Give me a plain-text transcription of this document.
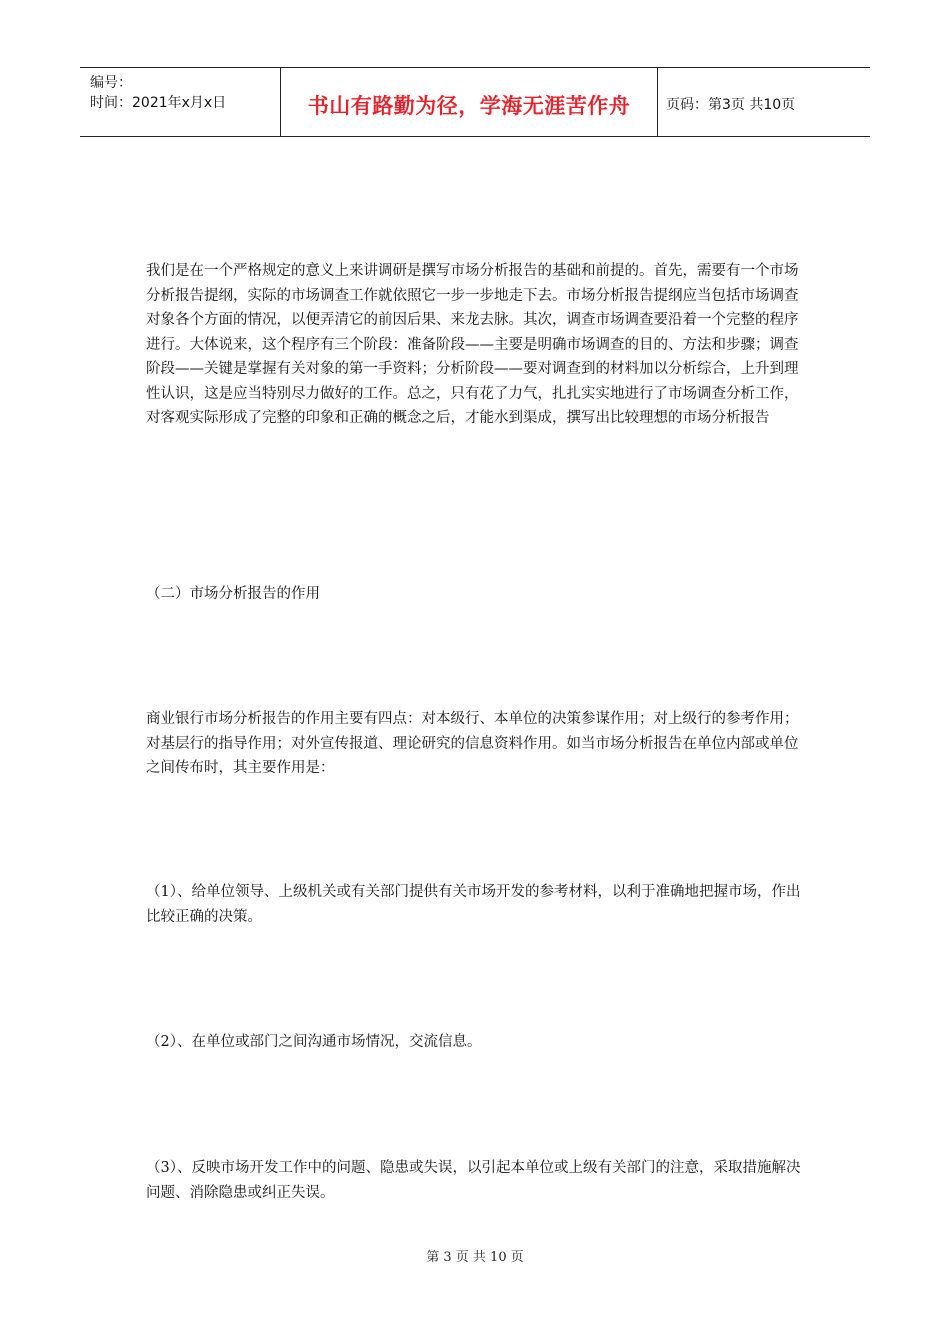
编号：
时间：2021年x月x日	书山有路勤为径，学海无涯苦作舟	页码：第3页 共10页
我们是在一个严格规定的意义上来讲调研是撰写市场分析报告的基础和前提的。首先，需要有一个市场分析报告提纲，实际的市场调查工作就依照它一步一步地走下去。市场分析报告提纲应当包括市场调查对象各个方面的情况，以便弄清它的前因后果、来龙去脉。其次，调查市场调查要沿着一个完整的程序进行。大体说来，这个程序有三个阶段：准备阶段——主要是明确市场调查的目的、方法和步骤；调查阶段——关键是掌握有关对象的第一手资料；分析阶段——要对调查到的材料加以分析综合，上升到理性认识，这是应当特别尽力做好的工作。总之，只有花了力气，扎扎实实地进行了市场调查分析工作，对客观实际形成了完整的印象和正确的概念之后，才能水到渠成，撰写出比较理想的市场分析报告
（二）市场分析报告的作用
商业银行市场分析报告的作用主要有四点：对本级行、本单位的决策参谋作用；对上级行的参考作用；对基层行的指导作用；对外宣传报道、理论研究的信息资料作用。如当市场分析报告在单位内部或单位之间传布时，其主要作用是：
（1）、给单位领导、上级机关或有关部门提供有关市场开发的参考材料，以利于准确地把握市场，作出比较正确的决策。
（2）、在单位或部门之间沟通市场情况，交流信息。
（3）、反映市场开发工作中的问题、隐患或失误，以引起本单位或上级有关部门的注意，采取措施解决问题、消除隐患或纠正失误。
第 3 页 共 10 页
